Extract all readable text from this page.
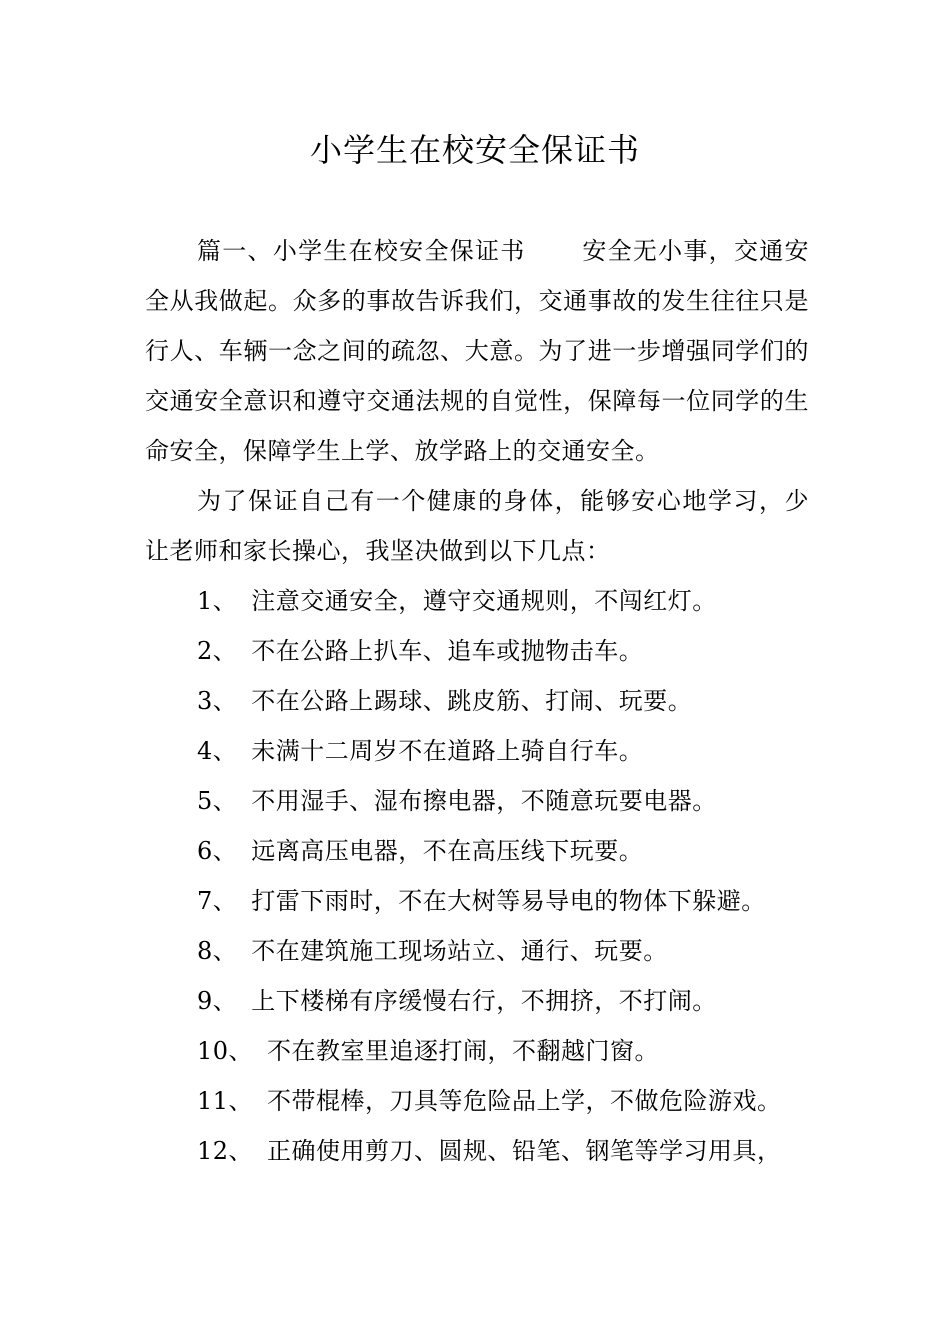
小学生在校安全保证书

篇一、小学生在校安全保证书 安全无小事，交通安全从我做起。众多的事故告诉我们，交通事故的发生往往只是行人、车辆一念之间的疏忽、大意。为了进一步增强同学们的交通安全意识和遵守交通法规的自觉性，保障每一位同学的生命安全，保障学生上学、放学路上的交通安全。

为了保证自己有一个健康的身体，能够安心地学习，少让老师和家长操心，我坚决做到以下几点：

1、 注意交通安全，遵守交通规则，不闯红灯。
2、 不在公路上扒车、追车或抛物击车。
3、 不在公路上踢球、跳皮筋、打闹、玩要。
4、 未满十二周岁不在道路上骑自行车。
5、 不用湿手、湿布擦电器，不随意玩要电器。
6、 远离高压电器，不在高压线下玩要。
7、 打雷下雨时，不在大树等易导电的物体下躲避。
8、 不在建筑施工现场站立、通行、玩要。
9、 上下楼梯有序缓慢右行，不拥挤，不打闹。
10、 不在教室里追逐打闹，不翻越门窗。
11、 不带棍棒，刀具等危险品上学，不做危险游戏。
12、 正确使用剪刀、圆规、铅笔、钢笔等学习用具，
